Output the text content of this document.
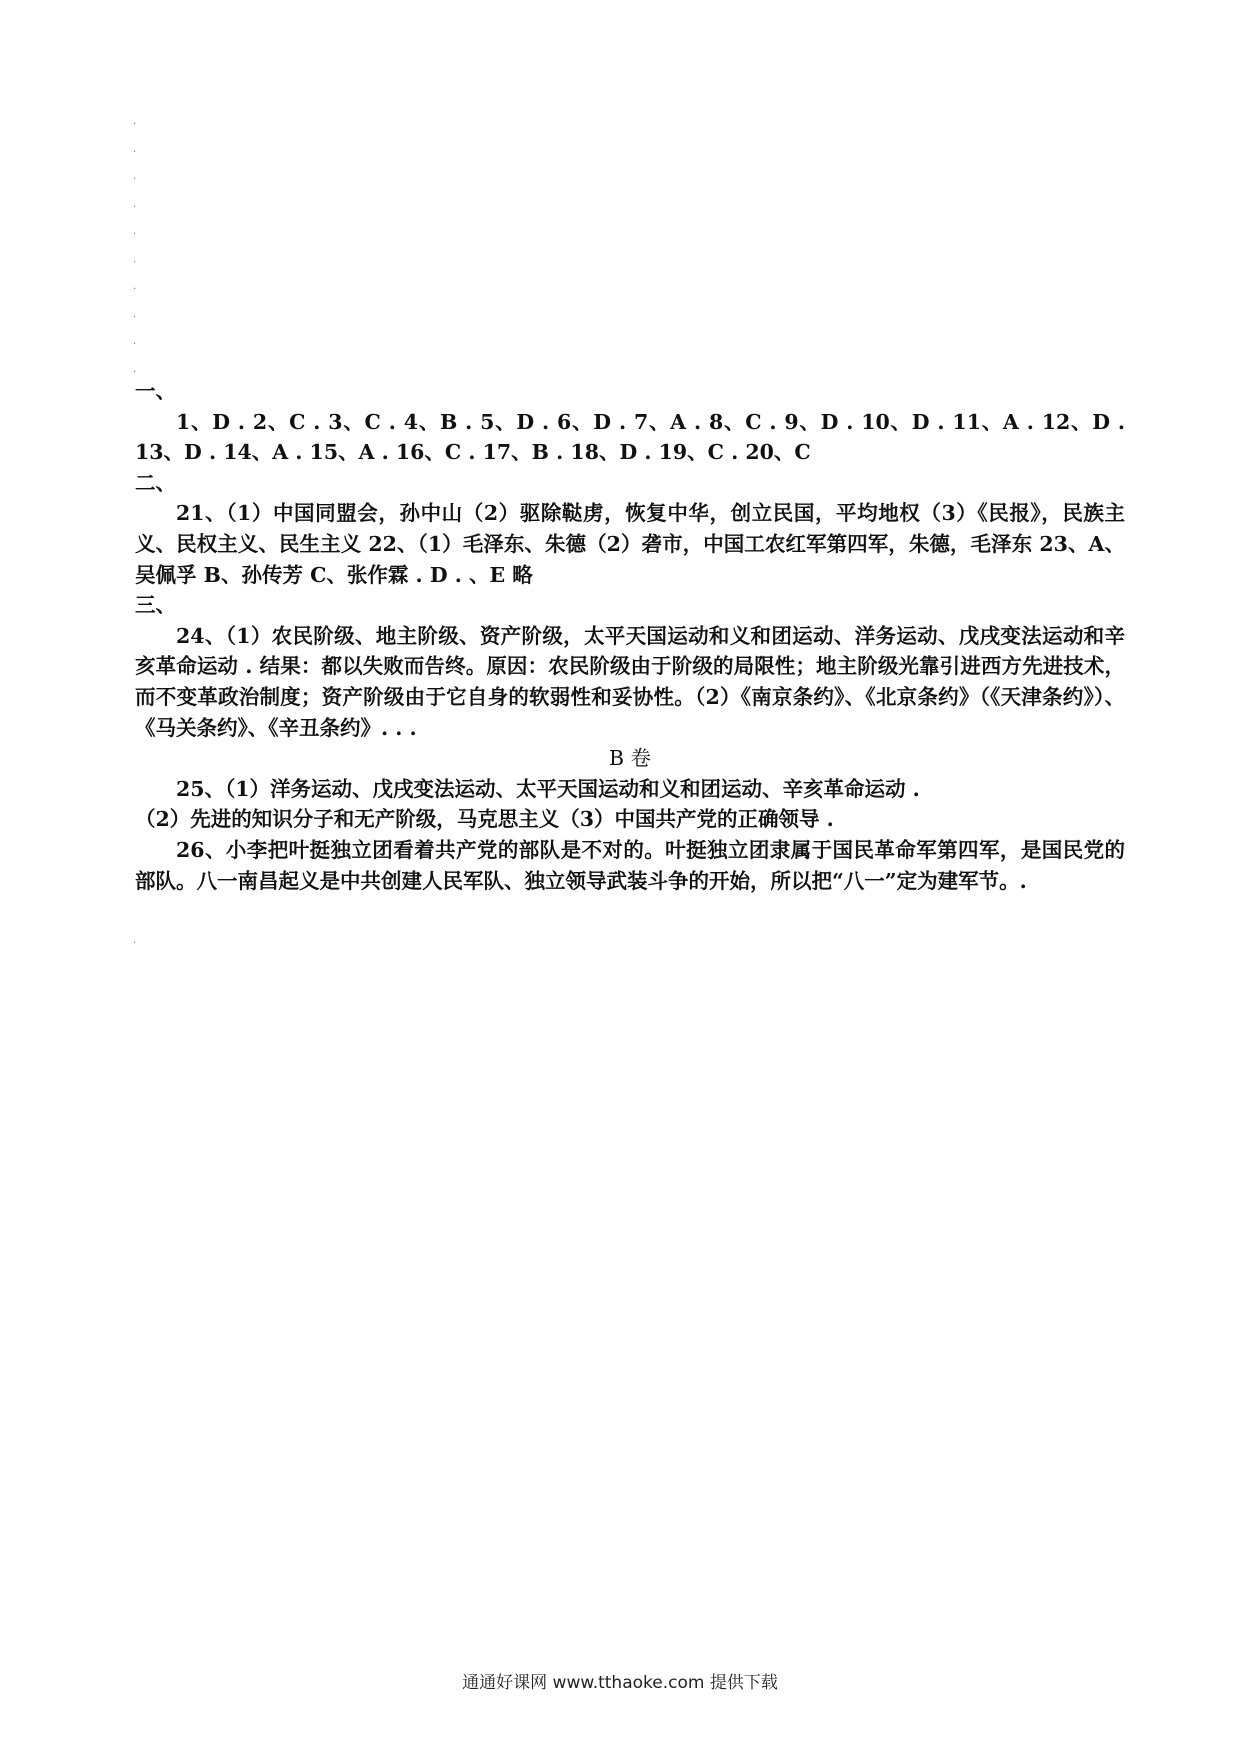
.
.
.
.
.
.
.
.
.
.

一、

1、D . 2、C . 3、C . 4、B . 5、D . 6、D . 7、A . 8、C . 9、D . 10、D . 11、A . 12、D . 13、D . 14、A . 15、A . 16、C . 17、B . 18、D . 19、C . 20、C

二、

21、（1）中国同盟会，孙中山（2）驱除鞑虏，恢复中华，创立民国，平均地权（3）《民报》，民族主义、民权主义、民生主义 22、（1）毛泽东、朱德（2）砻市，中国工农红军第四军，朱德，毛泽东 23、A、吴佩孚 B、孙传芳 C、张作霖 . D . 、E 略

三、

24、（1）农民阶级、地主阶级、资产阶级，太平天国运动和义和团运动、洋务运动、戊戌变法运动和辛亥革命运动 . 结果：都以失败而告终。原因：农民阶级由于阶级的局限性；地主阶级光靠引进西方先进技术，而不变革政治制度；资产阶级由于它自身的软弱性和妥协性。（2）《南京条约》、《北京条约》（《天津条约》）、《马关条约》、《辛丑条约》. . .

B 卷

25、（1）洋务运动、戊戌变法运动、太平天国运动和义和团运动、辛亥革命运动 .

（2）先进的知识分子和无产阶级，马克思主义（3）中国共产党的正确领导 .

26、小李把叶挺独立团看着共产党的部队是不对的。叶挺独立团隶属于国民革命军第四军，是国民党的部队。八一南昌起义是中共创建人民军队、独立领导武装斗争的开始，所以把“八一”定为建军节。.

.
通通好课网 www.tthaoke.com 提供下载
